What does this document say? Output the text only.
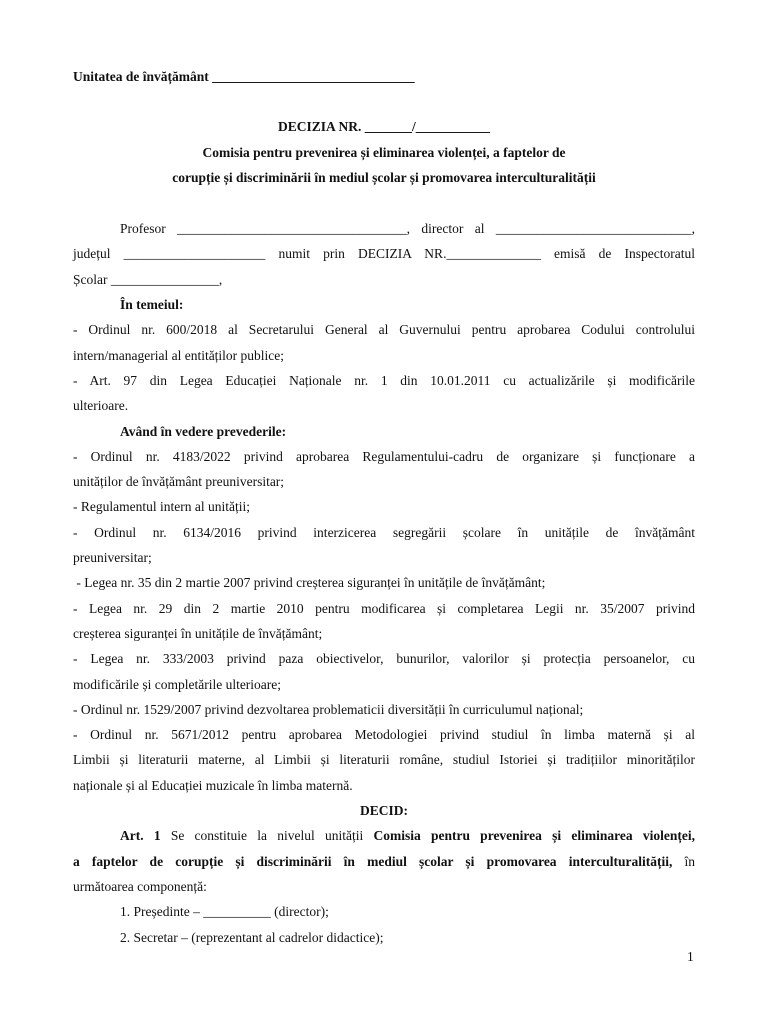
Unitatea de învățământ ______________________________

DECIZIA NR. _______/___________

Comisia pentru prevenirea și eliminarea violenței, a faptelor de

corupție și discriminării în mediul școlar și promovarea interculturalității

Profesor __________________________________, director al _____________________________,

județul _____________________ numit prin DECIZIA NR.______________ emisă de Inspectoratul

Școlar ________________,

În temeiul:

- Ordinul nr. 600/2018 al Secretarului General al Guvernului pentru aprobarea Codului controlului

intern/managerial al entităților publice;

- Art. 97 din Legea Educației Naționale nr. 1 din 10.01.2011 cu actualizările și modificările

ulterioare.

Având în vedere prevederile:

- Ordinul nr. 4183/2022 privind aprobarea Regulamentului-cadru de organizare și funcționare a

unităților de învățământ preuniversitar;

- Regulamentul intern al unității;

- Ordinul nr. 6134/2016 privind interzicerea segregării școlare în unitățile de învățământ

preuniversitar;

- Legea nr. 35 din 2 martie 2007 privind creșterea siguranței în unitățile de învățământ;

- Legea nr. 29 din 2 martie 2010 pentru modificarea și completarea Legii nr. 35/2007 privind

creșterea siguranței în unitățile de învățământ;

- Legea nr. 333/2003 privind paza obiectivelor, bunurilor, valorilor și protecția persoanelor, cu

modificările și completările ulterioare;

- Ordinul nr. 1529/2007 privind dezvoltarea problematicii diversității în curriculumul național;

- Ordinul nr. 5671/2012 pentru aprobarea Metodologiei privind studiul în limba maternă și al

Limbii și literaturii materne, al Limbii și literaturii române, studiul Istoriei și tradițiilor minorităților

naționale și al Educației muzicale în limba maternă.

DECID:

Art. 1 Se constituie la nivelul unității Comisia pentru prevenirea și eliminarea violenței,

a faptelor de corupție și discriminării în mediul școlar și promovarea interculturalității, în

următoarea componență:

1. Președinte – __________ (director);

2. Secretar – (reprezentant al cadrelor didactice);

1
